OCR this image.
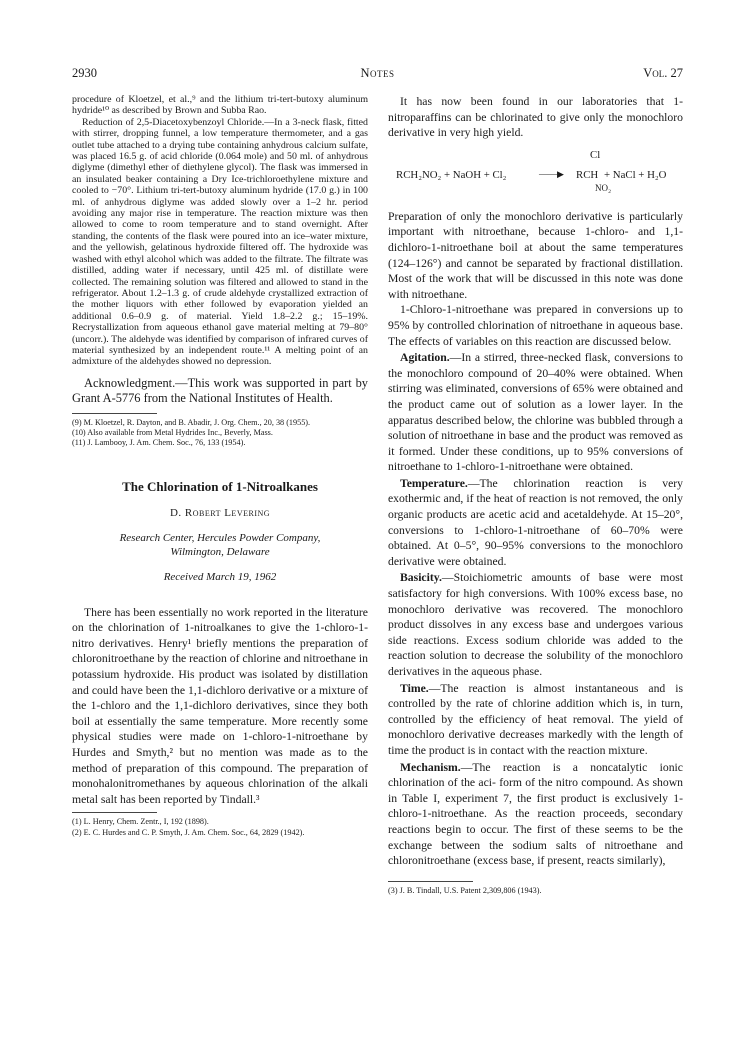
2930	Notes	Vol. 27

procedure of Kloetzel, et al.,⁹ and the lithium tri-tert-butoxy aluminum hydride¹⁰ as described by Brown and Subba Rao.

Reduction of 2,5-Diacetoxybenzoyl Chloride.—In a 3-neck flask, fitted with stirrer, dropping funnel, a low temperature thermometer, and a gas outlet tube attached to a drying tube containing anhydrous calcium sulfate, was placed 16.5 g. of acid chloride (0.064 mole) and 50 ml. of anhydrous diglyme (dimethyl ether of diethylene glycol). The flask was immersed in an insulated beaker containing a Dry Ice-trichloroethylene mixture and cooled to −70°. Lithium tri-tert-butoxy aluminum hydride (17.0 g.) in 100 ml. of anhydrous diglyme was added slowly over a 1–2 hr. period avoiding any major rise in temperature. The reaction mixture was then allowed to come to room temperature and to stand overnight. After standing, the contents of the flask were poured into an ice–water mixture, and the yellowish, gelatinous hydroxide filtered off. The hydroxide was washed with ethyl alcohol which was added to the filtrate. The filtrate was distilled, adding water if necessary, until 425 ml. of distillate were collected. The remaining solution was filtered and allowed to stand in the refrigerator. About 1.2–1.3 g. of crude aldehyde crystallized extraction of the mother liquors with ether followed by evaporation yielded an additional 0.6–0.9 g. of material. Yield 1.8–2.2 g.; 15–19%. Recrystallization from aqueous ethanol gave material melting at 79–80° (uncorr.). The aldehyde was identified by comparison of infrared curves of material synthesized by an independent route.¹¹ A melting point of an admixture of the aldehydes showed no depression.

Acknowledgment.—This work was supported in part by Grant A-5776 from the National Institutes of Health.

(9) M. Kloetzel, R. Dayton, and B. Abadir, J. Org. Chem., 20, 38 (1955).

(10) Also available from Metal Hydrides Inc., Beverly, Mass.

(11) J. Lambooy, J. Am. Chem. Soc., 76, 133 (1954).

The Chlorination of 1-Nitroalkanes
D. Robert Levering
Research Center, Hercules Powder Company,
Wilmington, Delaware
Received March 19, 1962

There has been essentially no work reported in the literature on the chlorination of 1-nitroalkanes to give the 1-chloro-1-nitro derivatives. Henry¹ briefly mentions the preparation of chloronitroethane by the reaction of chlorine and nitroethane in potassium hydroxide. His product was isolated by distillation and could have been the 1,1-dichloro derivative or a mixture of the 1-chloro and the 1,1-dichloro derivatives, since they both boil at essentially the same temperature. More recently some physical studies were made on 1-chloro-1-nitroethane by Hurdes and Smyth,² but no mention was made as to the method of preparation of this compound. The preparation of monohalonitromethanes by aqueous chlorination of the alkali metal salt has been reported by Tindall.³

(1) L. Henry, Chem. Zentr., I, 192 (1898).

(2) E. C. Hurdes and C. P. Smyth, J. Am. Chem. Soc., 64, 2829 (1942).

It has now been found in our laboratories that 1-nitroparaffins can be chlorinated to give only the monochloro derivative in very high yield.

RCH₂NO₂ + NaOH + Cl₂	——▶ RCH
Cl
NO₂
+ NaCl + H₂O

Preparation of only the monochloro derivative is particularly important with nitroethane, because 1-chloro- and 1,1-dichloro-1-nitroethane boil at about the same temperatures (124–126°) and cannot be separated by fractional distillation. Most of the work that will be discussed in this note was done with nitroethane.

1-Chloro-1-nitroethane was prepared in conversions up to 95% by controlled chlorination of nitroethane in aqueous base. The effects of variables on this reaction are discussed below.

Agitation.—In a stirred, three-necked flask, conversions to the monochloro compound of 20–40% were obtained. When stirring was eliminated, conversions of 65% were obtained and the product came out of solution as a lower layer. In the apparatus described below, the chlorine was bubbled through a solution of nitroethane in base and the product was removed as it formed. Under these conditions, up to 95% conversions of nitroethane to 1-chloro-1-nitroethane were obtained.

Temperature.—The chlorination reaction is very exothermic and, if the heat of reaction is not removed, the only organic products are acetic acid and acetaldehyde. At 15–20°, conversions to 1-chloro-1-nitroethane of 60–70% were obtained. At 0–5°, 90–95% conversions to the monochloro derivative were obtained.

Basicity.—Stoichiometric amounts of base were most satisfactory for high conversions. With 100% excess base, no monochloro derivative was recovered. The monochloro product dissolves in any excess base and undergoes various side reactions. Excess sodium chloride was added to the reaction solution to decrease the solubility of the monochloro derivatives in the aqueous phase.

Time.—The reaction is almost instantaneous and is controlled by the rate of chlorine addition which is, in turn, controlled by the efficiency of heat removal. The yield of monochloro derivative decreases markedly with the length of time the product is in contact with the reaction mixture.

Mechanism.—The reaction is a noncatalytic ionic chlorination of the aci- form of the nitro compound. As shown in Table I, experiment 7, the first product is exclusively 1-chloro-1-nitroethane. As the reaction proceeds, secondary reactions begin to occur. The first of these seems to be the exchange between the sodium salts of nitroethane and chloronitroethane (excess base, if present, reacts similarly),

(3) J. B. Tindall, U.S. Patent 2,309,806 (1943).
